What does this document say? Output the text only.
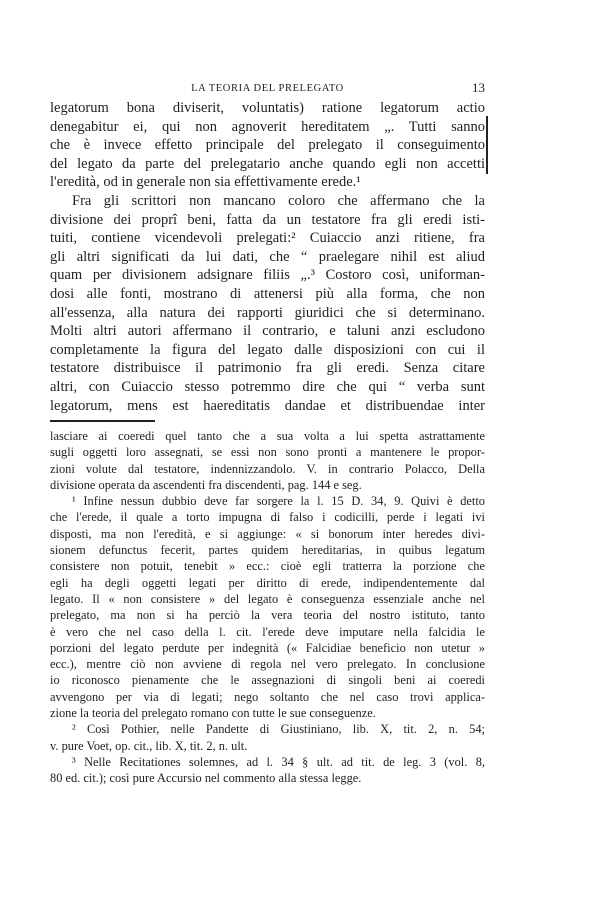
LA TEORIA DEL PRELEGATO	13
legatorum bona diviserit, voluntatis) ratione legatorum actio
denegabitur ei, qui non agnoverit hereditatem „. Tutti sanno
che è invece effetto principale del prelegato il conseguimento
del legato da parte del prelegatario anche quando egli non accetti
l'eredità, od in generale non sia effettivamente erede.¹
Fra gli scrittori non mancano coloro che affermano che la
divisione dei proprî beni, fatta da un testatore fra gli eredi isti-
tuiti, contiene vicendevoli prelegati:² Cuiaccio anzi ritiene, fra
gli altri significati da lui dati, che “ praelegare nihil est aliud
quam per divisionem adsignare filiis „.³ Costoro così, uniforman-
dosi alle fonti, mostrano di attenersi più alla forma, che non
all'essenza, alla natura dei rapporti giuridici che si determinano.
Molti altri autori affermano il contrario, e taluni anzi escludono
completamente la figura del legato dalle disposizioni con cui il
testatore distribuisce il patrimonio fra gli eredi. Senza citare
altri, con Cuiaccio stesso potremmo dire che qui “ verba sunt
legatorum, mens est haereditatis dandae et distribuendae inter
lasciare ai coeredi quel tanto che a sua volta a lui spetta astrattamente
sugli oggetti loro assegnati, se essi non sono pronti a mantenere le propor-
zioni volute dal testatore, indennizzandolo. V. in contrario Polacco, Della
divisione operata da ascendenti fra discendenti, pag. 144 e seg.
¹ Infine nessun dubbio deve far sorgere la l. 15 D. 34, 9. Quivi è detto
che l'erede, il quale a torto impugna di falso i codicilli, perde i legati ivi
disposti, ma non l'eredità, e si aggiunge: « si bonorum inter heredes divi-
sionem defunctus fecerit, partes quidem hereditarias, in quibus legatum
consistere non potuit, tenebit » ecc.: cioè egli tratterra la porzione che
egli ha degli oggetti legati per diritto di erede, indipendentemente dal
legato. Il « non consistere » del legato è conseguenza essenziale anche nel
prelegato, ma non si ha perciò la vera teoria del nostro istituto, tanto
è vero che nel caso della l. cit. l'erede deve imputare nella falcidia le
porzioni del legato perdute per indegnità (« Falcidiae beneficio non utetur »
ecc.), mentre ciò non avviene di regola nel vero prelegato. In conclusione
io riconosco pienamente che le assegnazioni di singoli beni ai coeredi
avvengono per via di legati; nego soltanto che nel caso trovi applica-
zione la teoria del prelegato romano con tutte le sue conseguenze.
² Così Pothier, nelle Pandette di Giustiniano, lib. X, tit. 2, n. 54;
v. pure Voet, op. cit., lib. X, tit. 2, n. ult.
³ Nelle Recitationes solemnes, ad l. 34 § ult. ad tit. de leg. 3 (vol. 8,
80 ed. cit.); così pure Accursio nel commento alla stessa legge.
